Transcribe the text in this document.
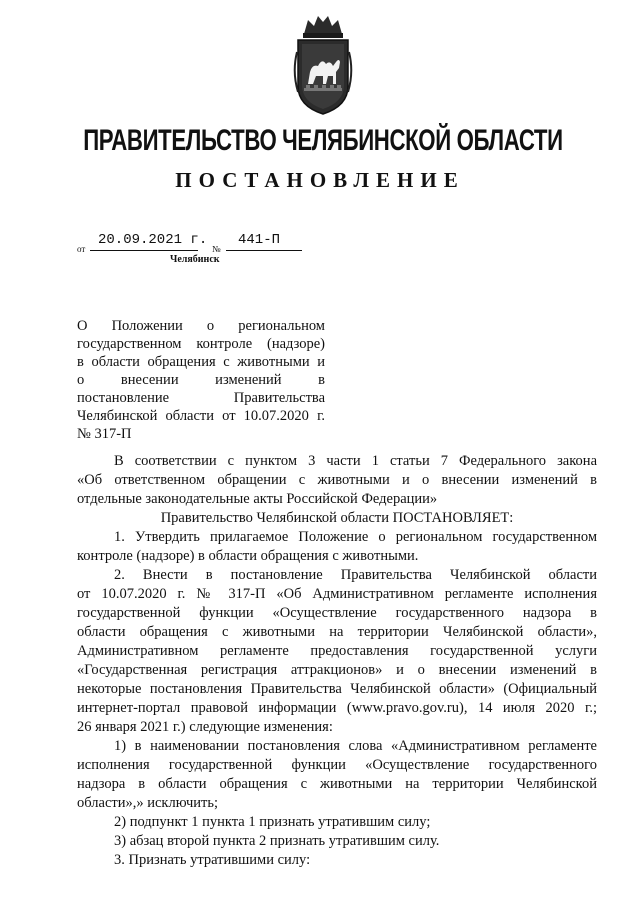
ПРАВИТЕЛЬСТВО ЧЕЛЯБИНСКОЙ ОБЛАСТИ
ПОСТАНОВЛЕНИЕ
от
20.09.2021 г.
№
441-П
Челябинск
О Положении о региональном
государственном контроле (надзоре)
в области обращения с животными и
о внесении изменений в
постановление Правительства
Челябинской области от 10.07.2020 г.
№ 317-П
В соответствии с пунктом 3 части 1 статьи 7 Федерального закона
«Об ответственном обращении с животными и о внесении изменений в
отдельные законодательные акты Российской Федерации»
Правительство Челябинской области ПОСТАНОВЛЯЕТ:
1. Утвердить прилагаемое Положение о региональном государственном
контроле (надзоре) в области обращения с животными.
2. Внести в постановление Правительства Челябинской области
от 10.07.2020 г. № 317-П «Об Административном регламенте исполнения
государственной функции «Осуществление государственного надзора в
области обращения с животными на территории Челябинской области»,
Административном регламенте предоставления государственной услуги
«Государственная регистрация аттракционов» и о внесении изменений в
некоторые постановления Правительства Челябинской области» (Официальный
интернет-портал правовой информации (www.pravo.gov.ru), 14 июля 2020 г.;
26 января 2021 г.) следующие изменения:
1) в наименовании постановления слова «Административном регламенте
исполнения государственной функции «Осуществление государственного
надзора в области обращения с животными на территории Челябинской
области»,» исключить;
2) подпункт 1 пункта 1 признать утратившим силу;
3) абзац второй пункта 2 признать утратившим силу.
3. Признать утратившими силу:
